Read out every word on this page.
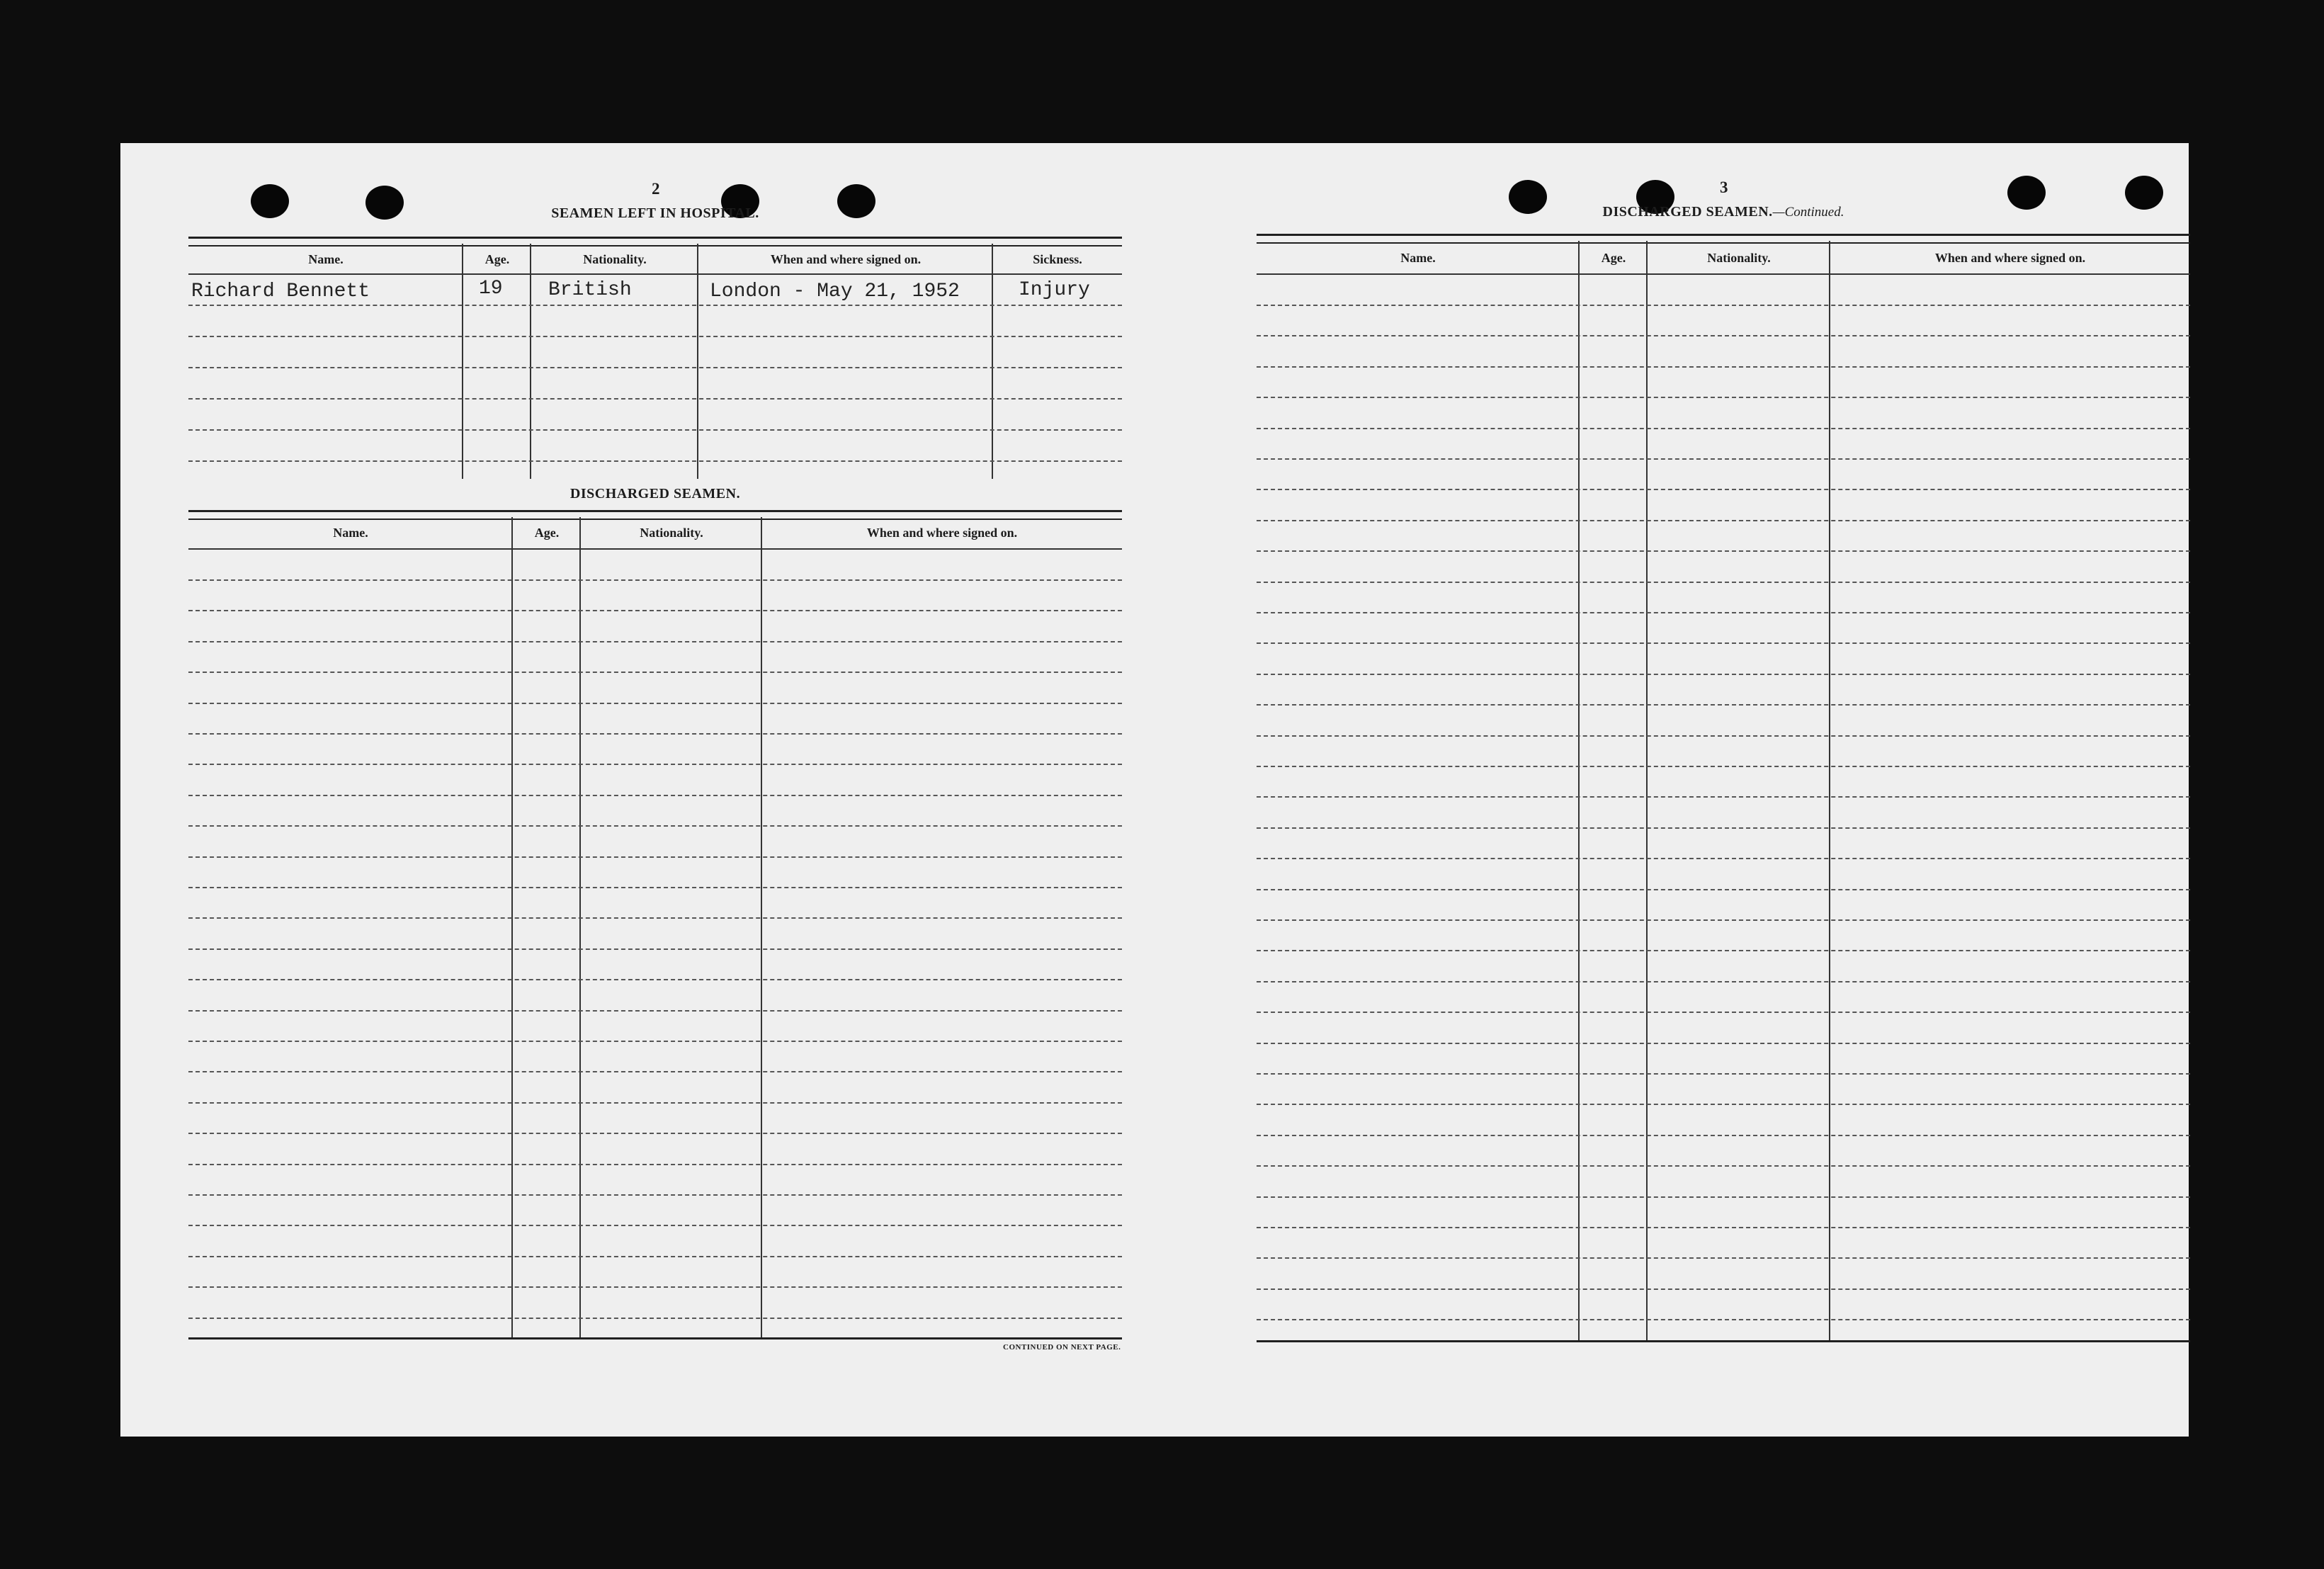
2
SEAMEN LEFT IN HOSPITAL.
Name.	Age.	Nationality.	When and where signed on.	Sickness.
Richard Bennett	19 British	London - May 21, 1952	Injury
DISCHARGED SEAMEN.
Name.	Age.	Nationality.	When and where signed on.
CONTINUED ON NEXT PAGE.
3
DISCHARGED SEAMEN.—Continued.
Name.	Age.	Nationality.	When and where signed on.
